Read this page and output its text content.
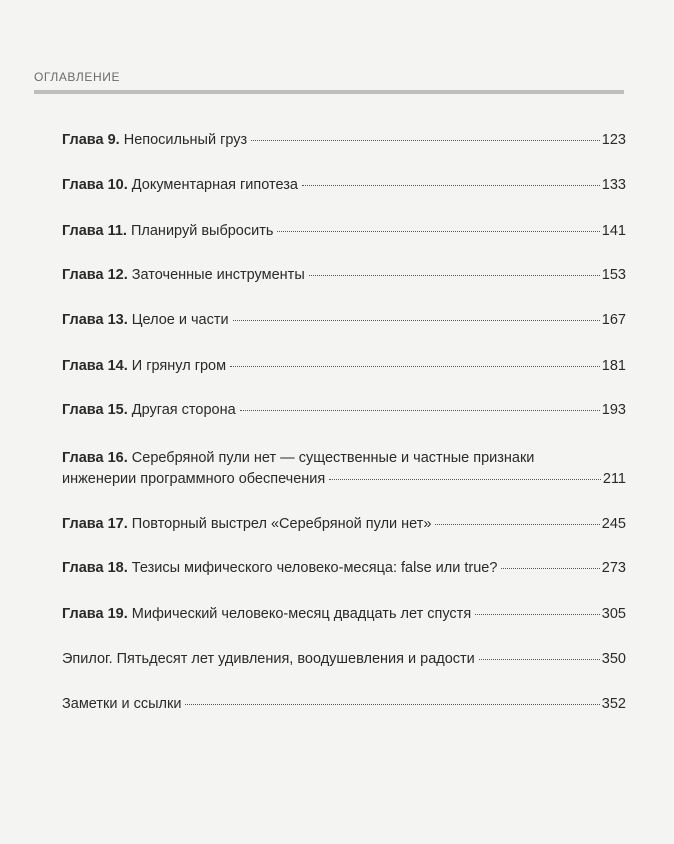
ОГЛАВЛЕНИЕ
Глава 9. Непосильный груз	123
Глава 10. Документарная гипотеза	133
Глава 11. Планируй выбросить	141
Глава 12. Заточенные инструменты	153
Глава 13. Целое и части	167
Глава 14. И грянул гром	181
Глава 15. Другая сторона	193
Глава 16. Серебряной пули нет — существенные и частные признаки
инженерии программного обеспечения	211
Глава 17. Повторный выстрел «Серебряной пули нет»	245
Глава 18. Тезисы мифического человеко-месяца: false или true?	273
Глава 19. Мифический человеко-месяц двадцать лет спустя	305
Эпилог. Пятьдесят лет удивления, воодушевления и радости	350
Заметки и ссылки	352
